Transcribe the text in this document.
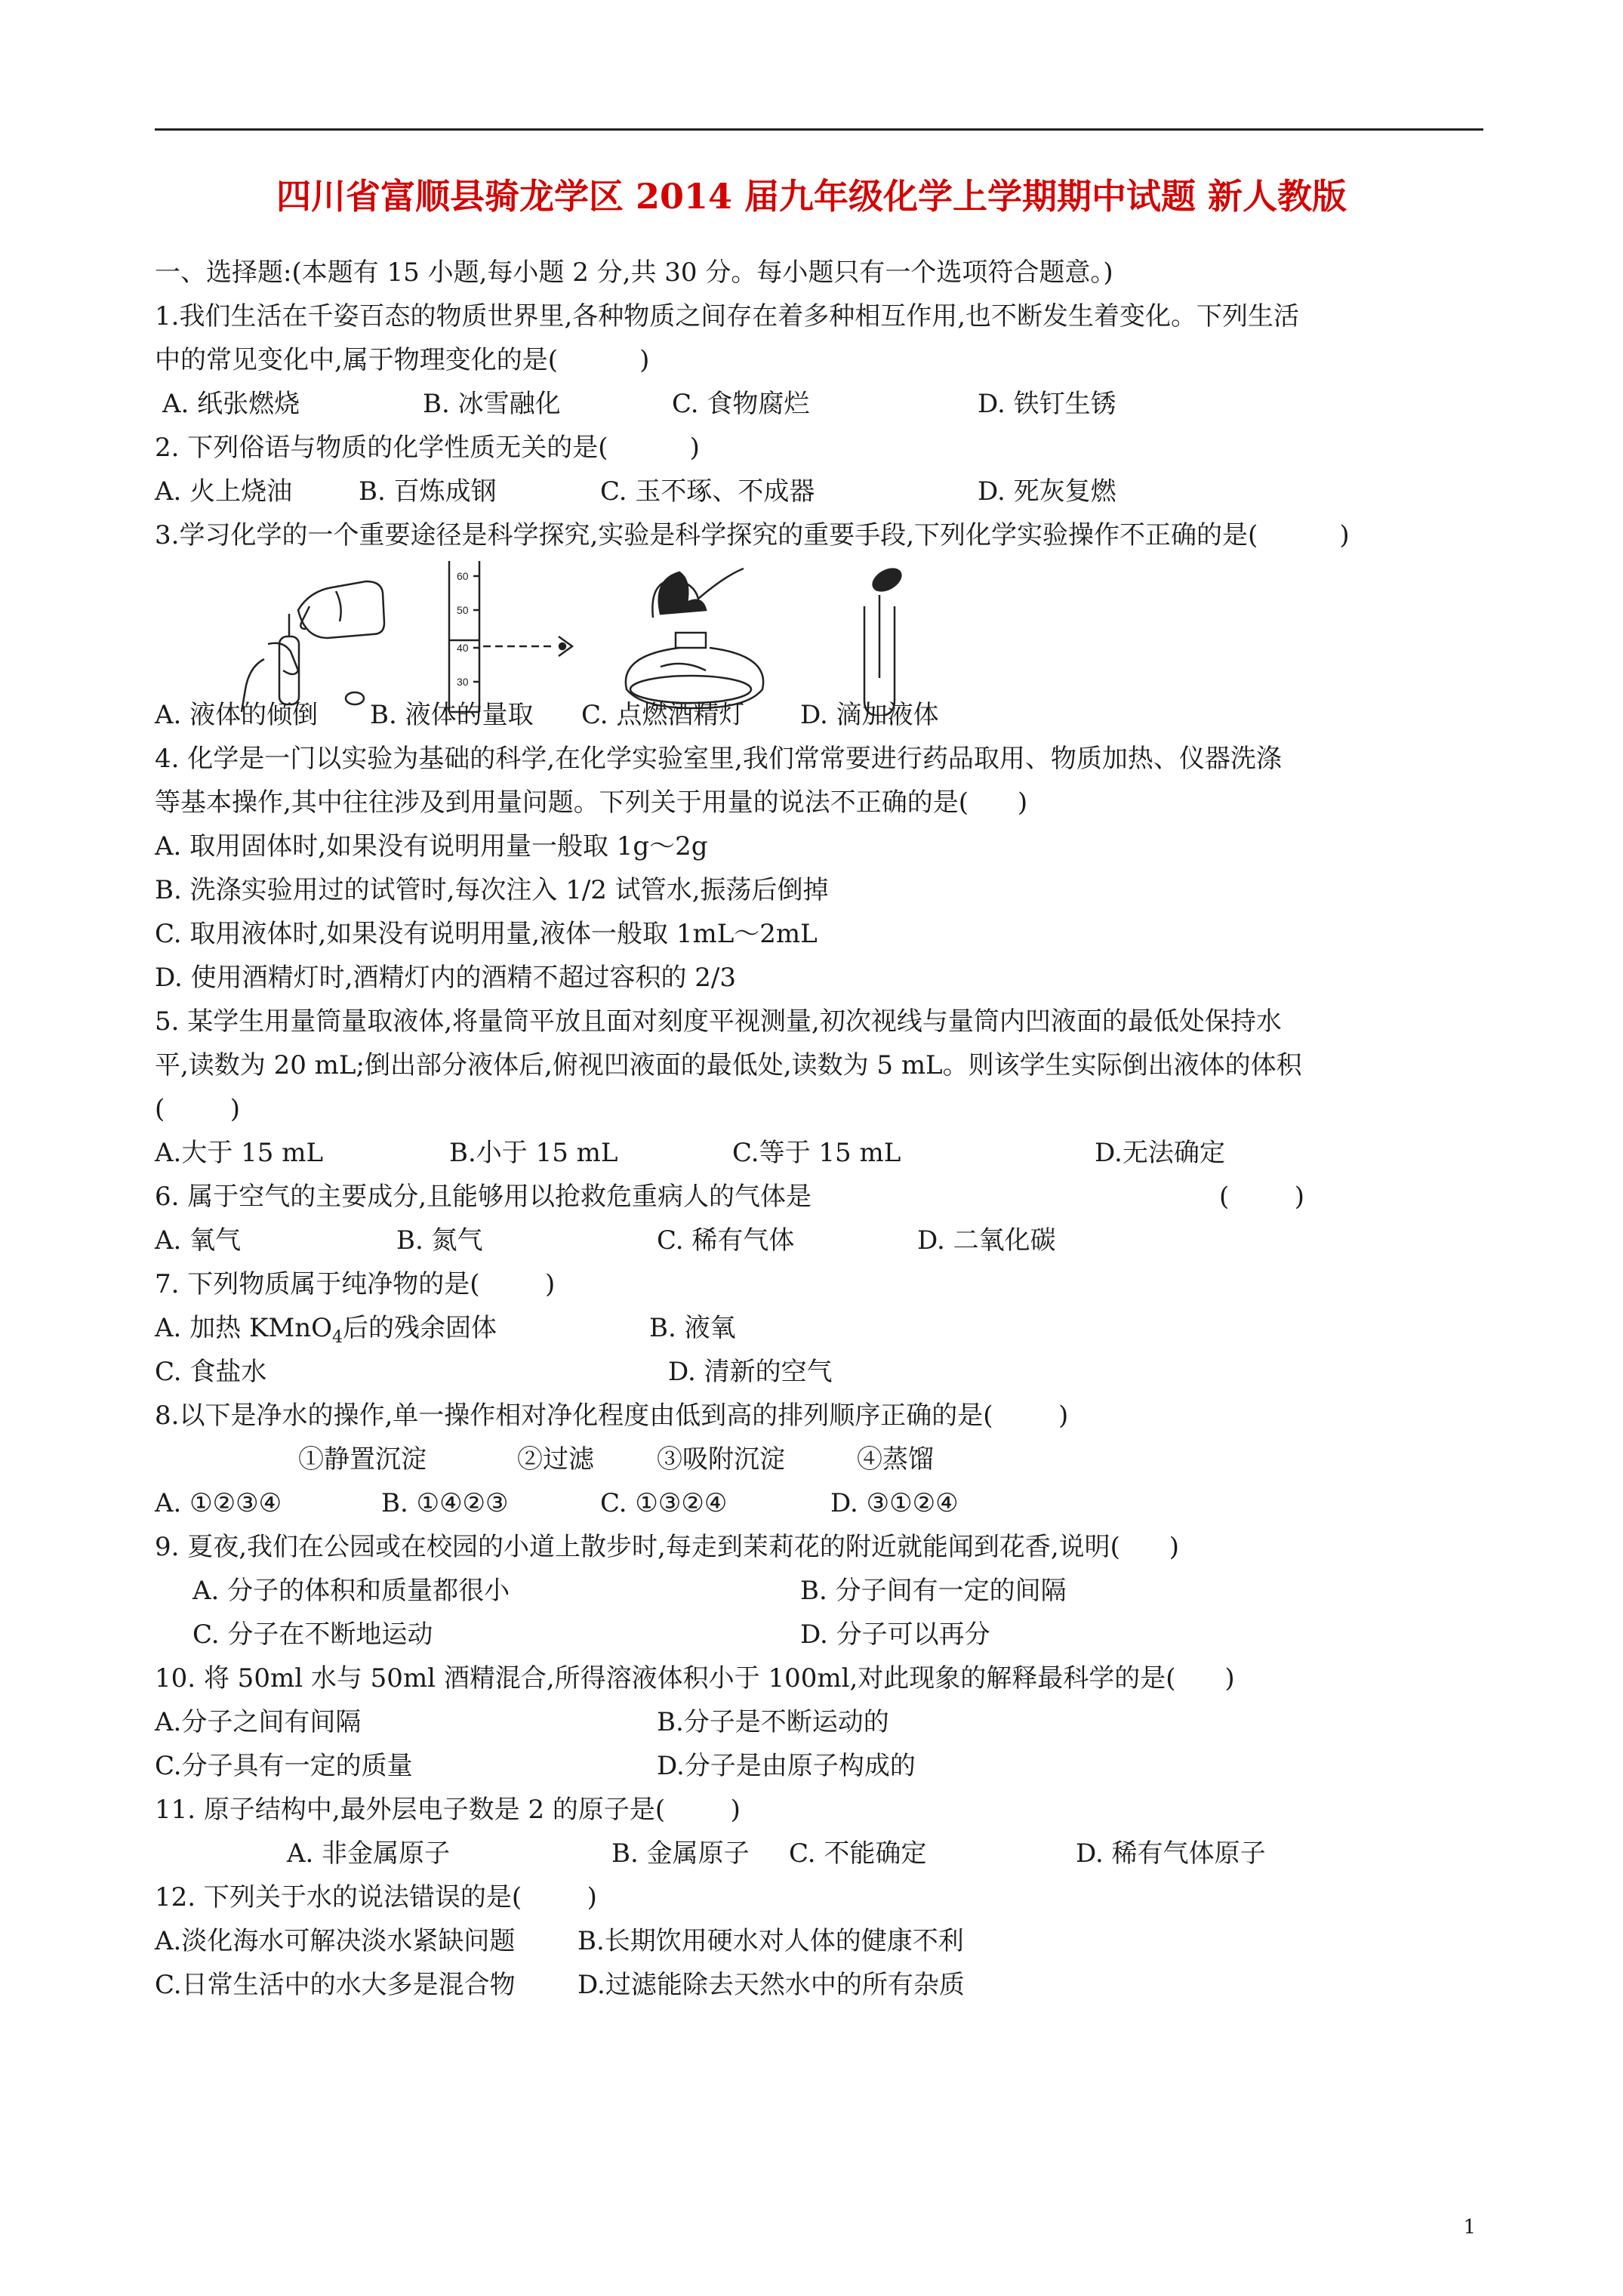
四川省富顺县骑龙学区 2014 届九年级化学上学期期中试题 新人教版
一、选择题:(本题有 15 小题,每小题 2 分,共 30 分。每小题只有一个选项符合题意。)
1.我们生活在千姿百态的物质世界里,各种物质之间存在着多种相互作用,也不断发生着变化。下列生活
中的常见变化中,属于物理变化的是(          )

A. 纸张燃烧

	B. 冰雪融化

	C. 食物腐烂

	D. 铁钉生锈

2. 下列俗语与物质的化学性质无关的是(          )

A. 火上烧油

	B. 百炼成钢

	C. 玉不琢、不成器

	D. 死灰复燃

3.学习化学的一个重要途径是科学探究,实验是科学探究的重要手段,下列化学实验操作不正确的是(          )
60
50
40
30
A. 液体的倾倒 B. 液体的量取 C. 点燃酒精灯 D. 滴加液体
4. 化学是一门以实验为基础的科学,在化学实验室里,我们常常要进行药品取用、物质加热、仪器洗涤
等基本操作,其中往往涉及到用量问题。下列关于用量的说法不正确的是(      )
A. 取用固体时,如果没有说明用量一般取 1g～2g
B. 洗涤实验用过的试管时,每次注入 1/2 试管水,振荡后倒掉
C. 取用液体时,如果没有说明用量,液体一般取 1mL～2mL
D. 使用酒精灯时,酒精灯内的酒精不超过容积的 2/3
5. 某学生用量筒量取液体,将量筒平放且面对刻度平视测量,初次视线与量筒内凹液面的最低处保持水
平,读数为 20 mL;倒出部分液体后,俯视凹液面的最低处,读数为 5 mL。则该学生实际倒出液体的体积
(        )

A.大于 15 mL

	B.小于 15 mL

	C.等于 15 mL

	D.无法确定

6. 属于空气的主要成分,且能够用以抢救危重病人的气体是

	(        )

A. 氧气

	B. 氮气

	C. 稀有气体

	D. 二氧化碳

7. 下列物质属于纯净物的是(        )

A. 加热 KMnO$_4$后的残余固体

	B. 液氧

C. 食盐水

	D. 清新的空气

8.以下是净水的操作,单一操作相对净化程度由低到高的排列顺序正确的是(        )

①静置沉淀

	②过滤

③吸附沉淀

	④蒸馏

A. ①②③④

	B. ①④②③

	C. ①③②④

	D. ③①②④

9. 夏夜,我们在公园或在校园的小道上散步时,每走到茉莉花的附近就能闻到花香,说明(      )

A. 分子的体积和质量都很小

	B. 分子间有一定的间隔

C. 分子在不断地运动

	D. 分子可以再分

10. 将 50ml 水与 50ml 酒精混合,所得溶液体积小于 100ml,对此现象的解释最科学的是(      )

A.分子之间有间隔

	B.分子是不断运动的

C.分子具有一定的质量

	D.分子是由原子构成的

11. 原子结构中,最外层电子数是 2 的原子是(        )

A. 非金属原子

	B. 金属原子

C. 不能确定

	D. 稀有气体原子

12. 下列关于水的说法错误的是(        )

A.淡化海水可解决淡水紧缺问题

B.长期饮用硬水对人体的健康不利

C.日常生活中的水大多是混合物

D.过滤能除去天然水中的所有杂质

1
